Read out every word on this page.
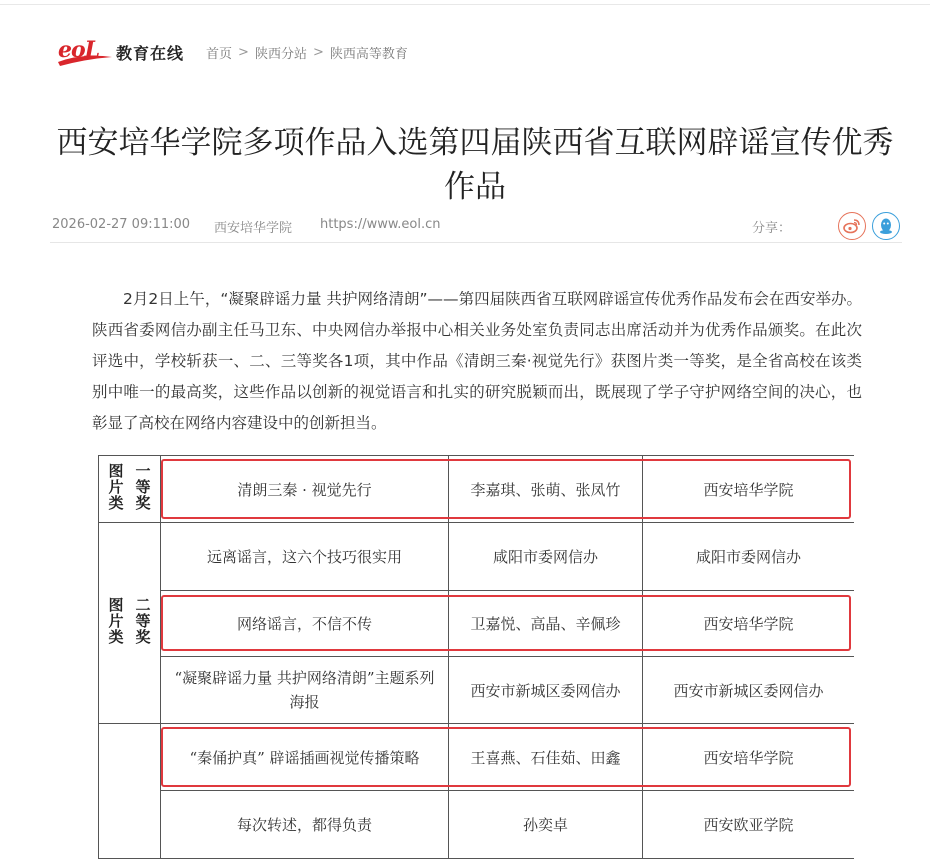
eoL 教育在线 首页 > 陕西分站 > 陕西高等教育
西安培华学院多项作品入选第四届陕西省互联网辟谣宣传优秀作品
2026-02-27 09:11:00 西安培华学院 https://www.eol.cn	分享：

2月2日上午，“凝聚辟谣力量 共护网络清朗”——第四届陕西省互联网辟谣宣传优秀作品发布会在西安举办。陕西省委网信办副主任马卫东、中央网信办举报中心相关业务处室负责同志出席活动并为优秀作品颁奖。在此次评选中，学校斩获一、二、三等奖各1项，其中作品《清朗三秦·视觉先行》获图片类一等奖，是全省高校在该类别中唯一的最高奖，这些作品以创新的视觉语言和扎实的研究脱颖而出，既展现了学子守护网络空间的决心，也彰显了高校在网络内容建设中的创新担当。

图片类 一等奖	清朗三秦 · 视觉先行	李嘉琪、张萌、张凤竹	西安培华学院

图片类 二等奖	远离谣言，这六个技巧很实用	咸阳市委网信办	咸阳市委网信办
	网络谣言，不信不传	卫嘉悦、高晶、辛佩珍	西安培华学院
	“凝聚辟谣力量 共护网络清朗”主题系列海报	西安市新城区委网信办	西安市新城区委网信办
	“秦俑护真” 辟谣插画视觉传播策略	王喜燕、石佳茹、田鑫	西安培华学院
	每次转述，都得负责	孙奕卓	西安欧亚学院
